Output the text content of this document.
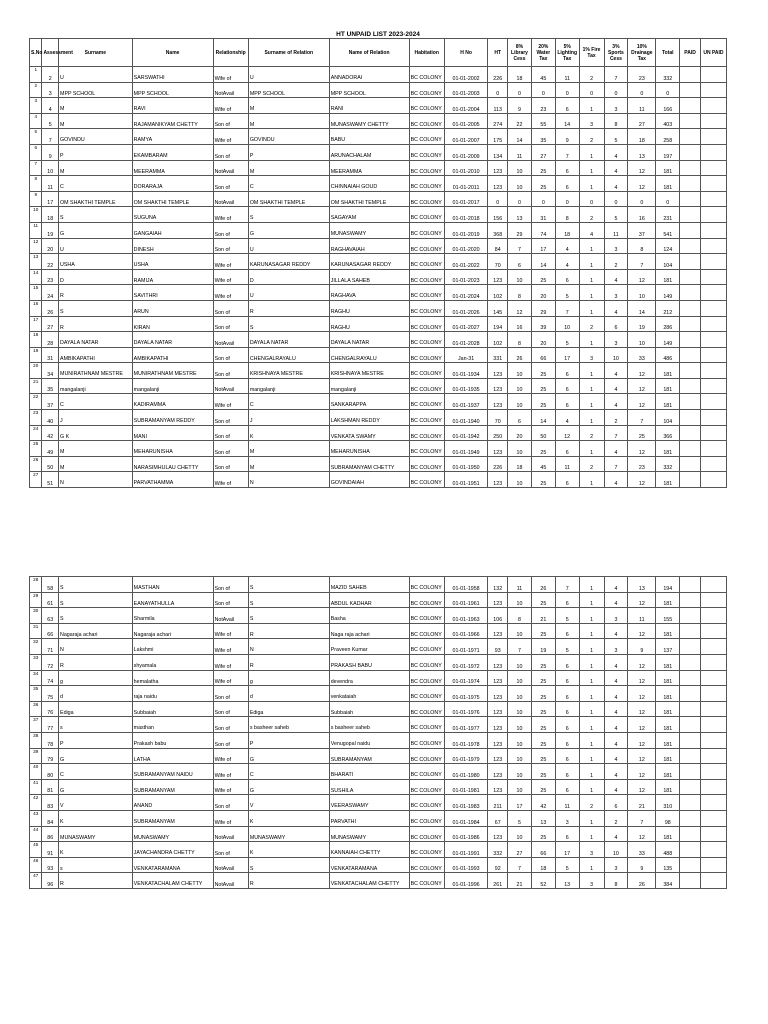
HT UNPAID LIST 2023-2024
S.No	Assessment	Surname	Name	Relationship	Surname of Relation	Name of Relation	Habitation	H No	HT	8% Library Cess	20% Water Tax	5% Lighting Tax	1% Fire Tax	3% Sports Cess	10% Drainage Tax	Total	PAID	UN PAID
1	2	U	SARSWATHI	Wife of	U	ANNADORAI	BC COLONY	01-01-2002	226	18	45	11	2	7	23	332		
2	3	MPP SCHOOL	MPP SCHOOL	NotAvail	MPP SCHOOL	MPP SCHOOL	BC COLONY	01-01-2003	0	0	0	0	0	0	0	0		
3	4	M	RAVI	Wife of	M	RANI	BC COLONY	01-01-2004	113	9	23	6	1	3	11	166		
4	5	M	RAJAMANIKYAM CHETTY	Son of	M	MUNASWAMY CHETTY	BC COLONY	01-01-2005	274	22	55	14	3	8	27	403		
5	7	GOVINDU	RAMYA	Wife of	GOVINDU	BABU	BC COLONY	01-01-2007	175	14	35	9	2	5	18	258		
6	9	P	EKAMBARAM	Son of	P	ARUNACHALAM	BC COLONY	01-01-2009	134	11	27	7	1	4	13	197		
7	10	M	MEERAMMA	NotAvail	M	MEERAMMA	BC COLONY	01-01-2010	123	10	25	6	1	4	12	181		
8	11	C	DORARAJA	Son of	C	CHINNAIAH GOUD	BC COLONY	01-01-2011	123	10	25	6	1	4	12	181		
9	17	OM SHAKTHI TEMPLE	OM SHAKTHI TEMPLE	NotAvail	OM SHAKTHI TEMPLE	OM SHAKTHI TEMPLE	BC COLONY	01-01-2017	0	0	0	0	0	0	0	0		
10	18	S	SUGUNA	Wife of	S	SAGAYAM	BC COLONY	01-01-2018	156	13	31	8	2	5	16	231		
11	19	G	GANGAIAH	Son of	G	MUNASWAMY	BC COLONY	01-01-2019	368	29	74	18	4	11	37	541		
12	20	U	DINESH	Son of	U	RAGHAVAIAH	BC COLONY	01-01-2020	84	7	17	4	1	3	8	124		
13	22	USHA	USHA	Wife of	KARUNASAGAR REDDY	KARUNASAGAR REDDY	BC COLONY	01-01-2022	70	6	14	4	1	2	7	104		
14	23	D	RAMIJA	Wife of	D	JILLALA SAHEB	BC COLONY	01-01-2023	123	10	25	6	1	4	12	181		
15	24	R	SAVITHRI	Wife of	U	RAGHAVA	BC COLONY	01-01-2024	102	8	20	5	1	3	10	149		
16	26	S	ARUN	Son of	R	RAGHU	BC COLONY	01-01-2026	145	12	29	7	1	4	14	212		
17	27	R	KIRAN	Son of	S	RAGHU	BC COLONY	01-01-2027	194	16	39	10	2	6	19	286		
18	28	DAYALA NATAR	DAYALA NATAR	NotAvail	DAYALA NATAR	DAYALA NATAR	BC COLONY	01-01-2028	102	8	20	5	1	3	10	149		
19	31	AMBIKAPATHI	AMBIKAPATHI	Son of	CHENGALRAYALU	CHENGALRAYALU	BC COLONY	Jan-31	331	26	66	17	3	10	33	486		
20	34	MUNIRATHNAM MESTRE	MUNIRATHNAM MESTRE	Son of	KRISHNAYA MESTRE	KRISHNAYA MESTRE	BC COLONY	01-01-1934	123	10	25	6	1	4	12	181		
21	35	mangalanji	mangalanji	NotAvail	mangalanji	mangalanji	BC COLONY	01-01-1935	123	10	25	6	1	4	12	181		
22	37	C	KADIRAMMA	Wife of	C	SANKARAPPA	BC COLONY	01-01-1937	123	10	25	6	1	4	12	181		
23	40	J	SUBRAMANYAM REDDY	Son of	J	LAKSHMAN REDDY	BC COLONY	01-01-1940	70	6	14	4	1	2	7	104		
24	42	G K	MANI	Son of	K	VENKATA SWAMY	BC COLONY	01-01-1942	250	20	50	12	2	7	25	366		
25	49	M	MEHARUNISHA	Son of	M	MEHARUNISHA	BC COLONY	01-01-1949	123	10	25	6	1	4	12	181		
26	50	M	NARASIMHULAU CHETTY	Son of	M	SUBRAMANYAM CHETTY	BC COLONY	01-01-1950	226	18	45	11	2	7	23	332		
27	51	N	PARVATHAMMA	Wife of	N	GOVINDAIAH	BC COLONY	01-01-1951	123	10	25	6	1	4	12	181		
28	58	S	MASTHAN	Son of	S	MAZID SAHEB	BC COLONY	01-01-1958	132	11	26	7	1	4	13	194		
29	61	S	EANAYATHULLA	Son of	S	ABDUL KADHAR	BC COLONY	01-01-1961	123	10	25	6	1	4	12	181		
30	63	S	Sharmila	NotAvail	S	Basha	BC COLONY	01-01-1963	106	8	21	5	1	3	11	155		
31	66	Nagaraja achari	Nagaraja achari	Wife of	R	Naga raja achari	BC COLONY	01-01-1966	123	10	25	6	1	4	12	181		
32	71	N	Lakshmi	Wife of	N	Praveen Kumar	BC COLONY	01-01-1971	93	7	19	5	1	3	9	137		
33	72	R	shyamala	Wife of	R	PRAKASH BABU	BC COLONY	01-01-1972	123	10	25	6	1	4	12	181		
34	74	g	hemalatha	Wife of	g	devendra	BC COLONY	01-01-1974	123	10	25	6	1	4	12	181		
35	75	d	raja naidu	Son of	d	venkataiah	BC COLONY	01-01-1975	123	10	25	6	1	4	12	181		
36	76	Ediga	Subbaiah	Son of	Ediga	Subbaiah	BC COLONY	01-01-1976	123	10	25	6	1	4	12	181		
37	77	s	masthan	Son of	s basheer saheb	s basheer saheb	BC COLONY	01-01-1977	123	10	25	6	1	4	12	181		
38	78	P	Prakash babu	Son of	P	Venugopal naidu	BC COLONY	01-01-1978	123	10	25	6	1	4	12	181		
39	79	G	LATHA	Wife of	G	SUBRAMANYAM	BC COLONY	01-01-1979	123	10	25	6	1	4	12	181		
40	80	C	SUBRAMANYAM NAIDU	Wife of	C	BHARATI	BC COLONY	01-01-1980	123	10	25	6	1	4	12	181		
41	81	G	SUBRAMANYAM	Wife of	G	SUSHILA	BC COLONY	01-01-1981	123	10	25	6	1	4	12	181		
42	83	V	ANAND	Son of	V	VEERASWAMY	BC COLONY	01-01-1983	211	17	42	11	2	6	21	310		
43	84	K	SUBRAMANYAM	Wife of	K	PARVATHI	BC COLONY	01-01-1984	67	5	13	3	1	2	7	98		
44	86	MUNASWAMY	MUNASWAMY	NotAvail	MUNASWAMY	MUNASWAMY	BC COLONY	01-01-1986	123	10	25	6	1	4	12	181		
45	91	K	JAYACHANDRA CHETTY	Son of	K	KANNAIAH CHETTY	BC COLONY	01-01-1991	332	27	66	17	3	10	33	488		
46	93	s	VENKATARAMANA	NotAvail	S	VENKATARAMANA	BC COLONY	01-01-1993	92	7	18	5	1	3	9	135		
47	96	R	VENKATACHALAM CHETTY	NotAvail	R	VENKATACHALAM CHETTY	BC COLONY	01-01-1996	261	21	52	13	3	8	26	384		
